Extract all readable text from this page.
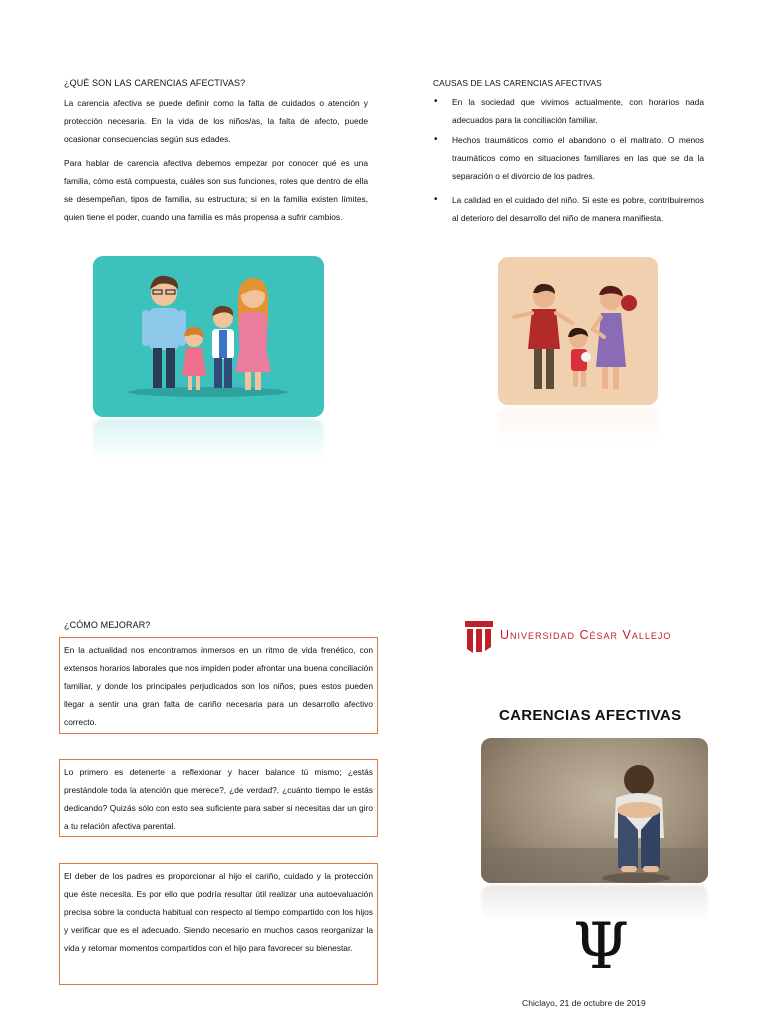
¿QUÉ SON LAS CARENCIAS AFECTIVAS?

La carencia afectiva se puede definir como la falta de cuidados o atención y protección necesaria. En la vida de los niños/as, la falta de afecto, puede ocasionar consecuencias según sus edades.

Para hablar de carencia afectiva debemos empezar por conocer qué es una familia, cómo está compuesta, cuáles son sus funciones, roles que dentro de ella se desempeñan, tipos de familia, su estructura; si en la familia existen límites, quien tiene el poder, cuando una familia es más propensa a sufrir cambios.

CAUSAS DE LAS CARENCIAS AFECTIVAS
• En la sociedad que vivimos actualmente, con horarios nada adecuados para la conciliación familiar.
• Hechos traumáticos como el abandono o el maltrato. O menos traumáticos como en situaciones familiares en las que se da la separación o el divorcio de los padres.
• La calidad en el cuidado del niño. Si este es pobre, contribuiremos al deterioro del desarrollo del niño de manera manifiesta.
¿CÓMO MEJORAR?

En la actualidad nos encontramos inmersos en un ritmo de vida frenético, con extensos horarios laborales que nos impiden poder afrontar una buena conciliación familiar, y donde los principales perjudicados son los niños, pues estos pueden llegar a sentir una gran falta de cariño necesaria para un desarrollo afectivo correcto.

Lo primero es detenerte a reflexionar y hacer balance tú mismo; ¿estás prestándole toda la atención que merece?, ¿de verdad?, ¿cuánto tiempo le estás dedicando? Quizás sólo con esto sea suficiente para saber si necesitas dar un giro a tu relación afectiva parental.

El deber de los padres es proporcionar al hijo el cariño, cuidado y la protección que éste necesita. Es por ello que podría resultar útil realizar una autoevaluación precisa sobre la conducta habitual con respecto al tiempo compartido con los hijos y verificar que es el adecuado. Siendo necesario en muchos casos reorganizar la vida y retomar momentos compartidos con el hijo para favorecer su bienestar.

Universidad César Vallejo
CARENCIAS AFECTIVAS
Ψ
Chiclayo, 21 de octubre de 2019
